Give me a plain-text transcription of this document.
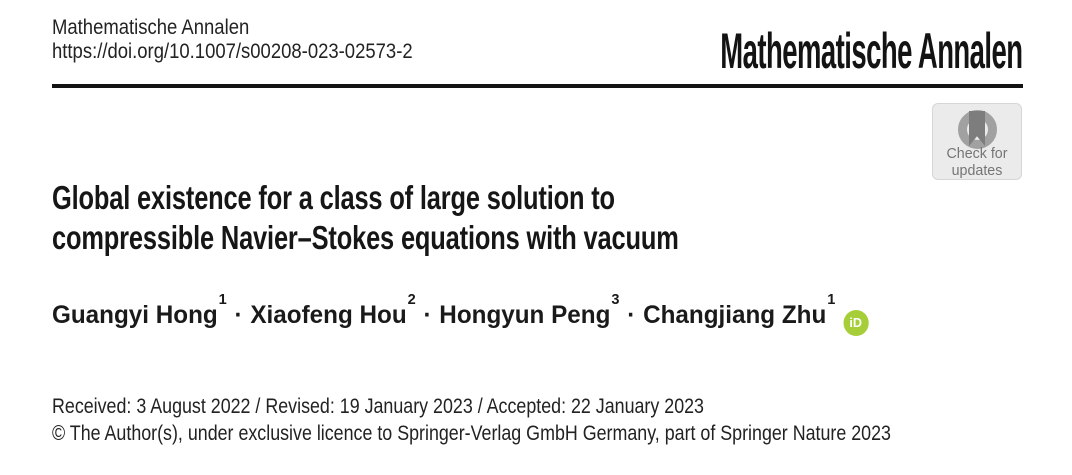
Mathematische Annalen
https://doi.org/10.1007/s00208-023-02573-2	Mathematische Annalen
Check for
updates
Global existence for a class of large solution to
compressible Navier–Stokes equations with vacuum
Guangyi Hong$^1$· Xiaofeng Hou$^2$· Hongyun Peng$^3$· Changjiang Zhu$^1$iD
Received: 3 August 2022 / Revised: 19 January 2023 / Accepted: 22 January 2023
© The Author(s), under exclusive licence to Springer-Verlag GmbH Germany, part of Springer Nature 2023
